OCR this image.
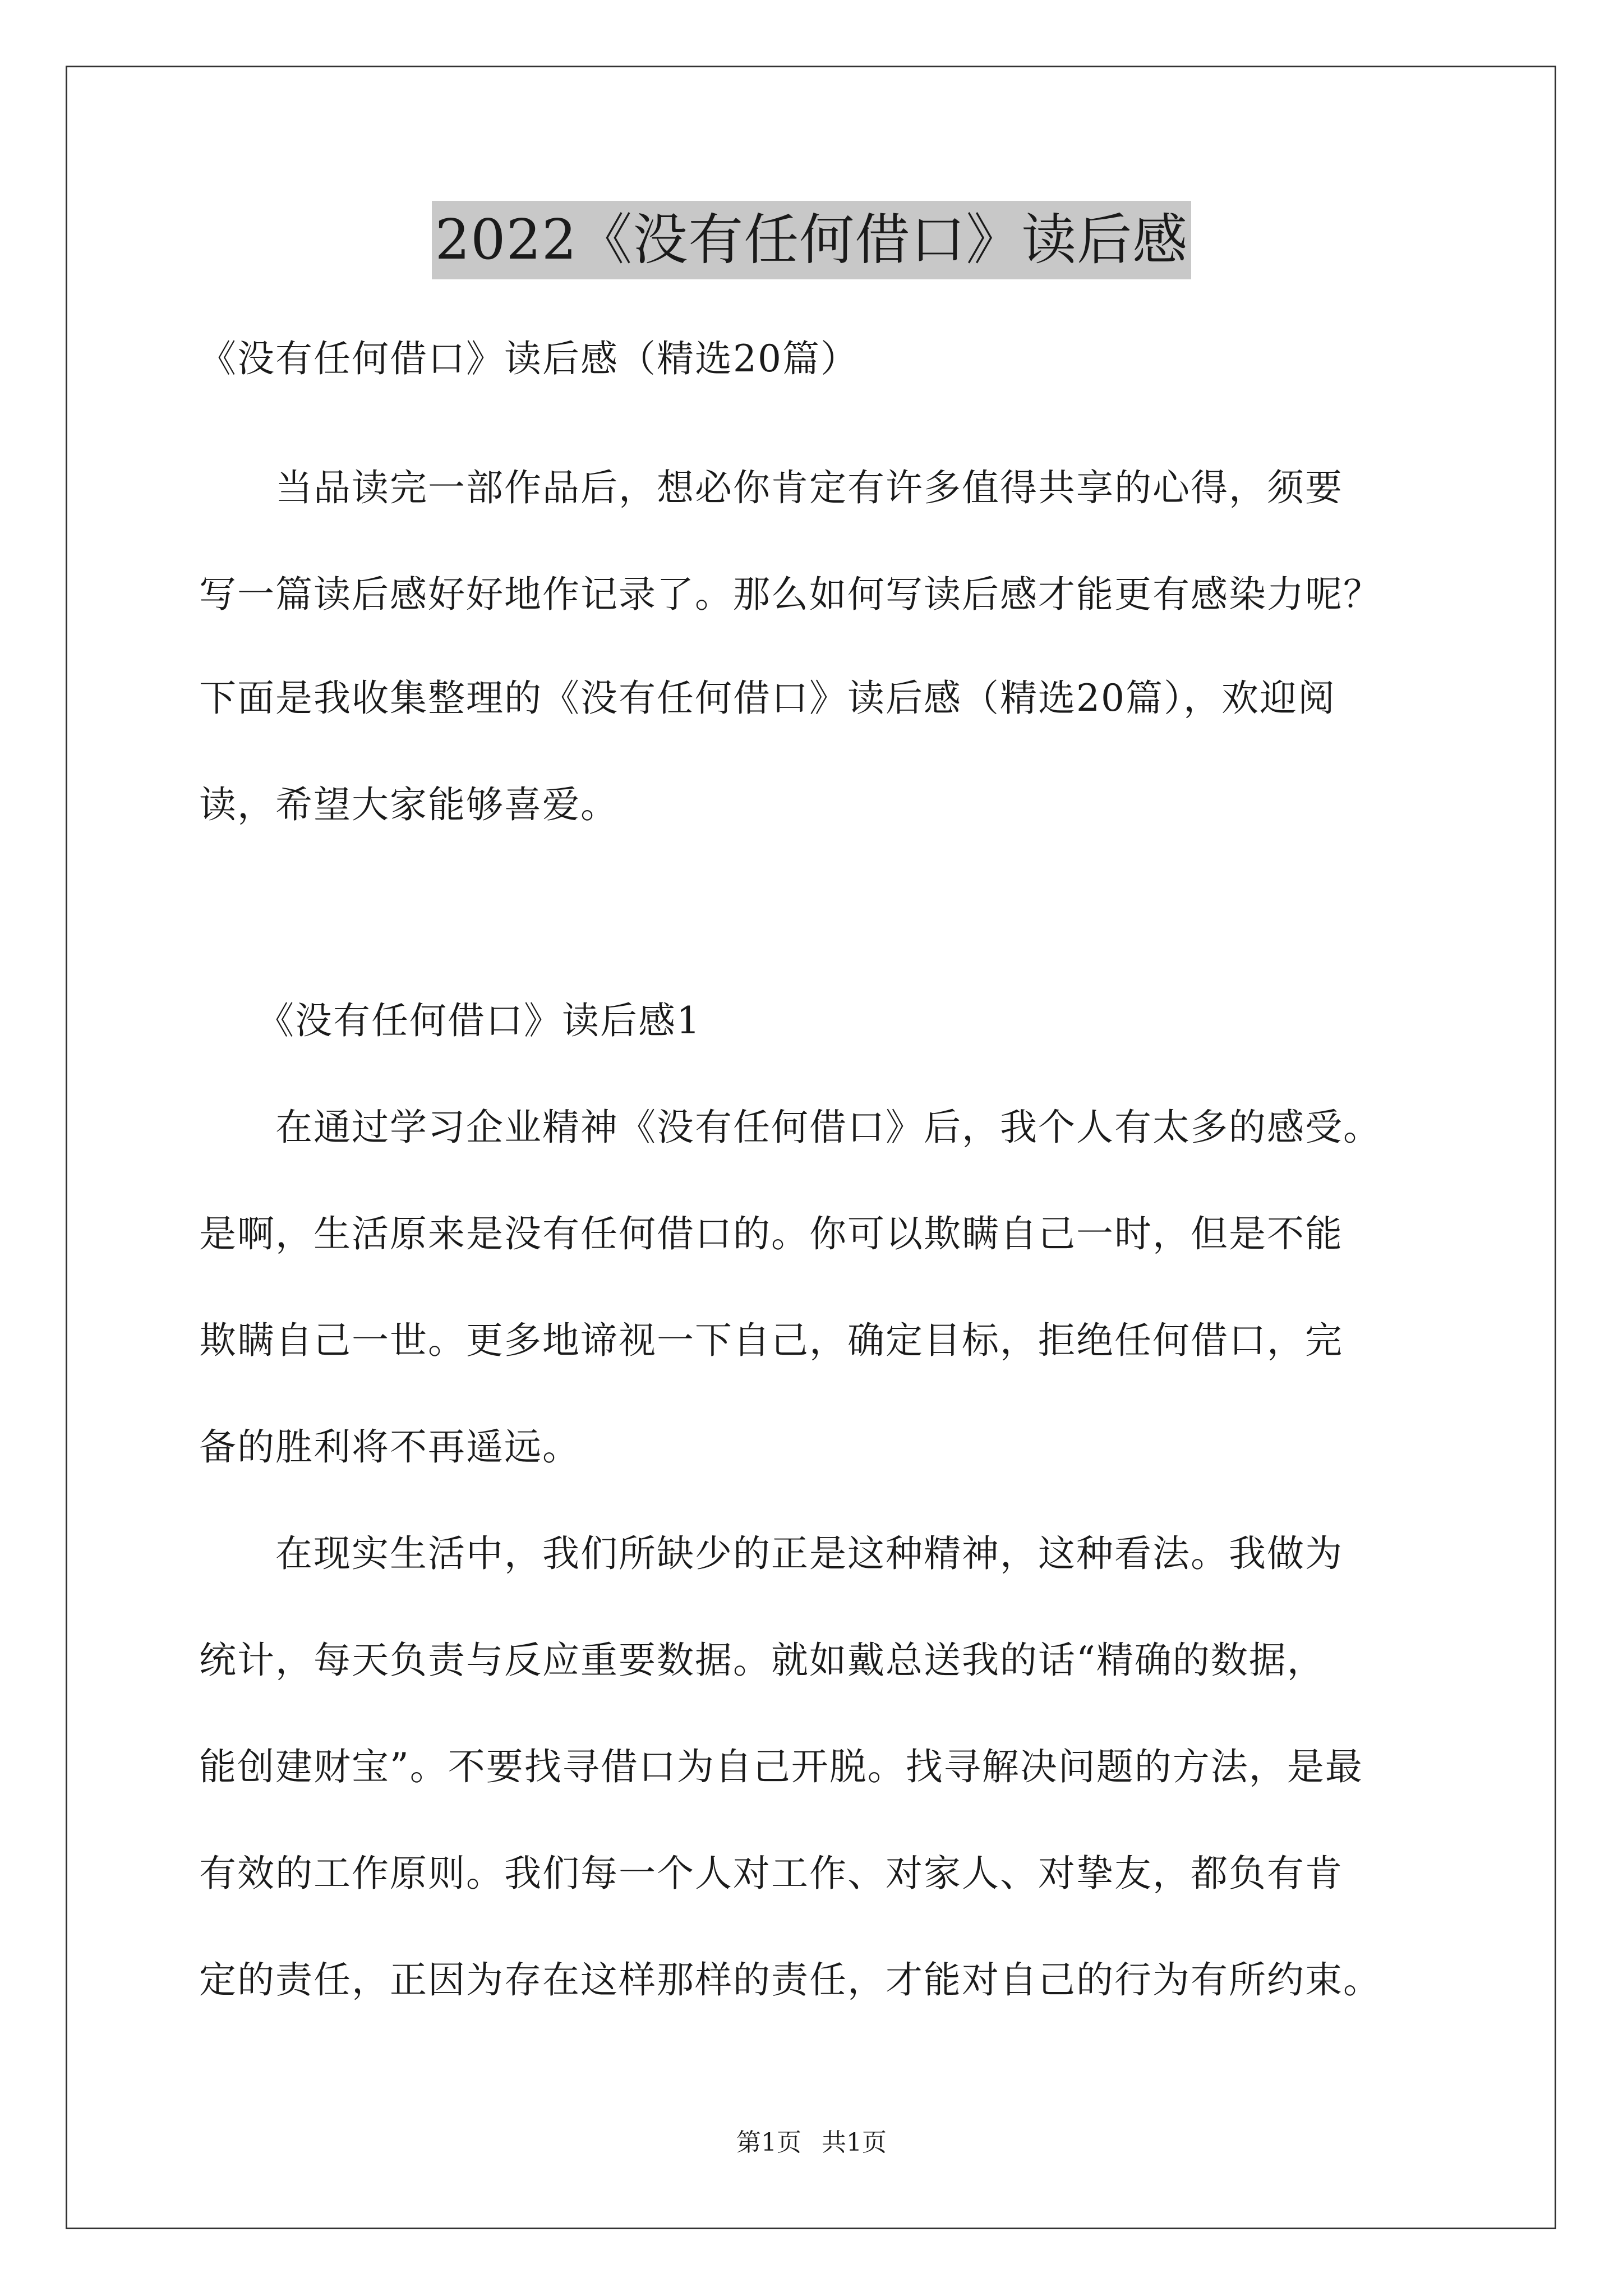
2022《没有任何借口》读后感
《没有任何借口》读后感（精选20篇）
　　当品读完一部作品后，想必你肯定有许多值得共享的心得，须要
写一篇读后感好好地作记录了。那么如何写读后感才能更有感染力呢？
下面是我收集整理的《没有任何借口》读后感（精选20篇），欢迎阅
读，希望大家能够喜爱。
　　《没有任何借口》读后感1
　　在通过学习企业精神《没有任何借口》后，我个人有太多的感受。
是啊，生活原来是没有任何借口的。你可以欺瞒自己一时，但是不能
欺瞒自己一世。更多地谛视一下自己，确定目标，拒绝任何借口，完
备的胜利将不再遥远。
　　在现实生活中，我们所缺少的正是这种精神，这种看法。我做为
统计，每天负责与反应重要数据。就如戴总送我的话“精确的数据，
能创建财宝”。不要找寻借口为自己开脱。找寻解决问题的方法，是最
有效的工作原则。我们每一个人对工作、对家人、对挚友，都负有肯
定的责任，正因为存在这样那样的责任，才能对自己的行为有所约束。
第1页 共1页
